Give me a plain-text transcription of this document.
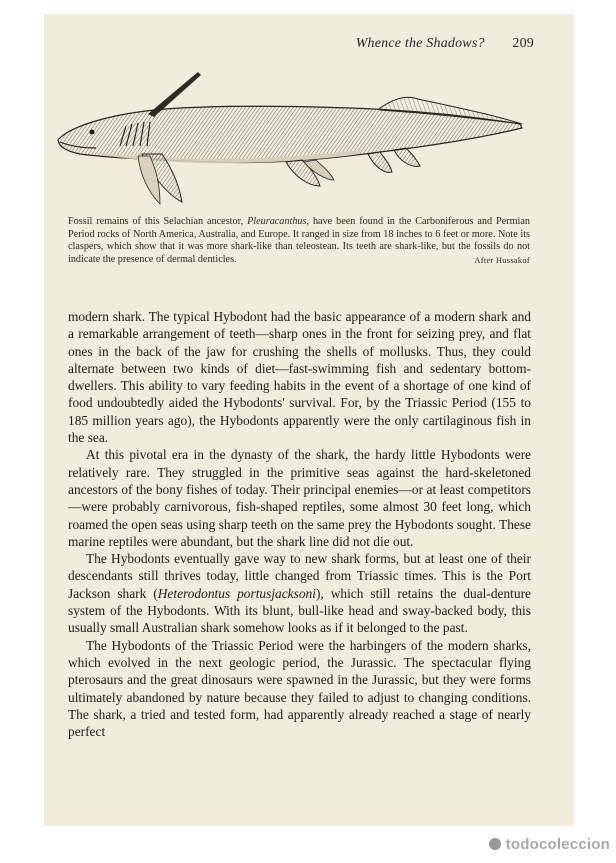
Whence the Shadows? 209

Fossil remains of this Selachian ancestor, Pleuracanthus, have been found in the Carboniferous and Permian Period rocks of North America, Australia, and Europe. It ranged in size from 18 inches to 6 feet or more. Note its claspers, which show that it was more shark-like than teleostean. Its teeth are shark-like, but the fossils do not indicate the presence of dermal denticles.	After Hussakof

modern shark. The typical Hybodont had the basic appearance of a modern shark and a remarkable arrangement of teeth—sharp ones in the front for seizing prey, and flat ones in the back of the jaw for crushing the shells of mollusks. Thus, they could alternate between two kinds of diet—fast-swimming fish and sedentary bottom-dwellers. This ability to vary feeding habits in the event of a shortage of one kind of food undoubtedly aided the Hybodonts' survival. For, by the Triassic Period (155 to 185 million years ago), the Hybodonts apparently were the only cartilaginous fish in the sea.

At this pivotal era in the dynasty of the shark, the hardy little Hybodonts were relatively rare. They struggled in the primitive seas against the hard-skeletoned ancestors of the bony fishes of today. Their principal enemies—or at least competitors—were probably carnivorous, fish-shaped reptiles, some almost 30 feet long, which roamed the open seas using sharp teeth on the same prey the Hybodonts sought. These marine reptiles were abundant, but the shark line did not die out.

The Hybodonts eventually gave way to new shark forms, but at least one of their descendants still thrives today, little changed from Triassic times. This is the Port Jackson shark (Heterodontus portusjacksoni), which still retains the dual-denture system of the Hybodonts. With its blunt, bull-like head and sway-backed body, this usually small Australian shark somehow looks as if it belonged to the past.

The Hybodonts of the Triassic Period were the harbingers of the modern sharks, which evolved in the next geologic period, the Jurassic. The spectacular flying pterosaurs and the great dinosaurs were spawned in the Jurassic, but they were forms ultimately abandoned by nature because they failed to adjust to changing conditions. The shark, a tried and tested form, had apparently already reached a stage of nearly perfect

todocoleccion
